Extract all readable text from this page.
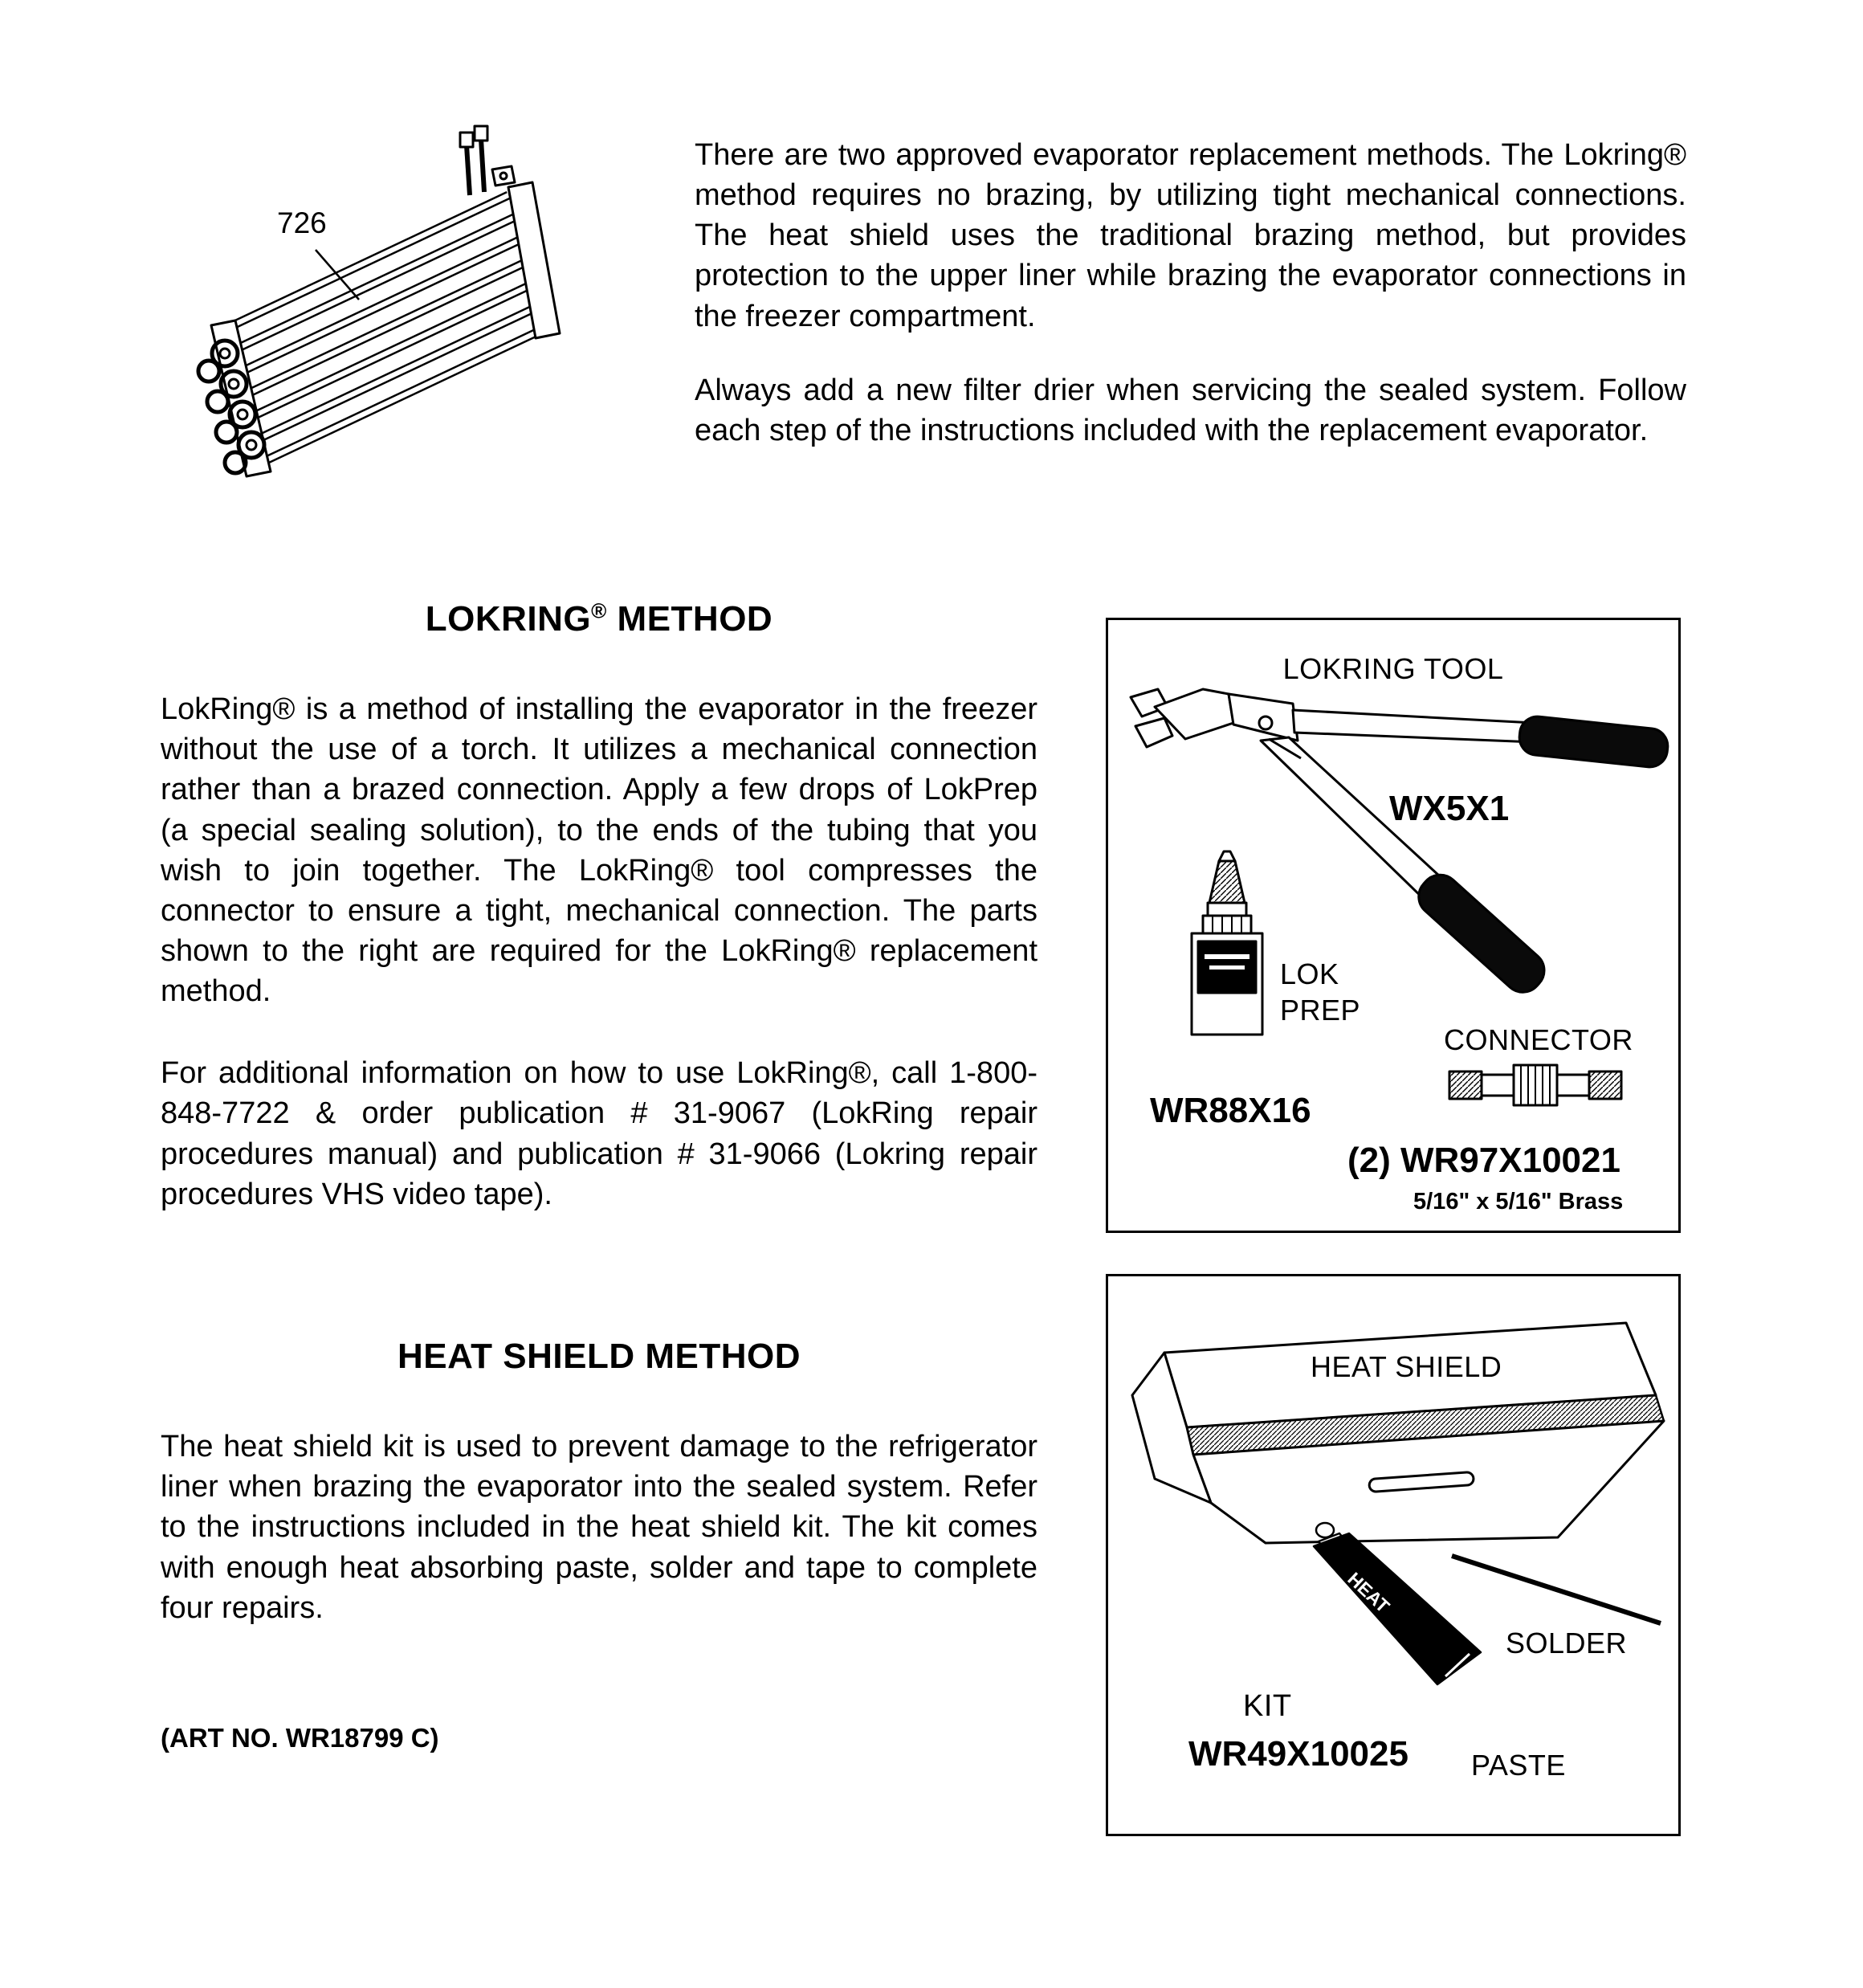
726

There are two approved evaporator replacement methods. The Lokring® method requires no brazing, by utilizing tight mechanical connections. The heat shield uses the traditional brazing method, but provides protection to the upper liner while brazing the evaporator connections in the freezer compartment.

Always add a new filter drier when servicing the sealed system. Follow each step of the instructions included with the replacement evaporator.

LOKRING® METHOD

LokRing® is a method of installing the evaporator in the freezer without the use of a torch. It utilizes a mechanical connection rather than a brazed connection. Apply a few drops of LokPrep (a special sealing solution), to the ends of the tubing that you wish to join together. The LokRing® tool compresses the connector to ensure a tight, mechanical connection. The parts shown to the right are required for the LokRing® replacement method.

For additional information on how to use LokRing®, call 1-800-848-7722 & order publication # 31-9067 (LokRing repair procedures manual) and publication # 31-9066 (Lokring repair procedures VHS video tape).

HEAT SHIELD METHOD

The heat shield kit is used to prevent damage to the refrigerator liner when brazing the evaporator into the sealed system. Refer to the instructions included in the heat shield kit. The kit comes with enough heat absorbing paste, solder and tape to complete four repairs.

(ART NO. WR18799 C)
LOKRING TOOL
WX5X1
LOK
PREP
CONNECTOR
WR88X16
(2) WR97X10021
5/16" x 5/16" Brass
HEAT SHIELD
HEAT ABSORBING PASTE	SOLDER
KIT
WR49X10025 PASTE
